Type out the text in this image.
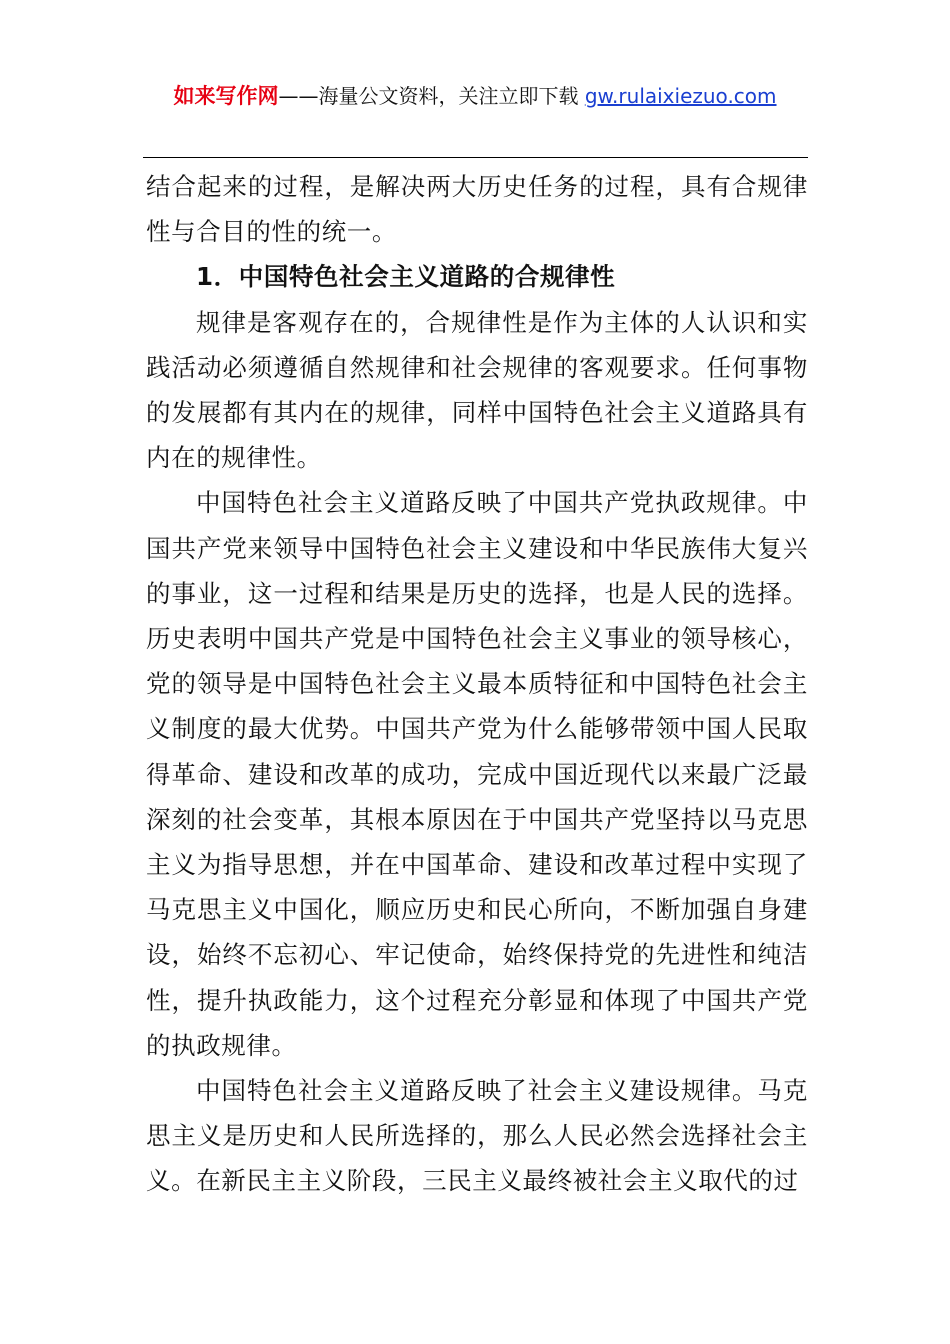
如来写作网——海量公文资料，关注立即下载 gw.rulaixiezuo.com

结合起来的过程，是解决两大历史任务的过程，具有合规律性与合目的性的统一。

1．中国特色社会主义道路的合规律性

规律是客观存在的，合规律性是作为主体的人认识和实践活动必须遵循自然规律和社会规律的客观要求。任何事物的发展都有其内在的规律，同样中国特色社会主义道路具有内在的规律性。

中国特色社会主义道路反映了中国共产党执政规律。中国共产党来领导中国特色社会主义建设和中华民族伟大复兴的事业，这一过程和结果是历史的选择，也是人民的选择。历史表明中国共产党是中国特色社会主义事业的领导核心，党的领导是中国特色社会主义最本质特征和中国特色社会主义制度的最大优势。中国共产党为什么能够带领中国人民取得革命、建设和改革的成功，完成中国近现代以来最广泛最深刻的社会变革，其根本原因在于中国共产党坚持以马克思主义为指导思想，并在中国革命、建设和改革过程中实现了马克思主义中国化，顺应历史和民心所向，不断加强自身建设，始终不忘初心、牢记使命，始终保持党的先进性和纯洁性，提升执政能力，这个过程充分彰显和体现了中国共产党的执政规律。

中国特色社会主义道路反映了社会主义建设规律。马克思主义是历史和人民所选择的，那么人民必然会选择社会主义。在新民主主义阶段，三民主义最终被社会主义取代的过
